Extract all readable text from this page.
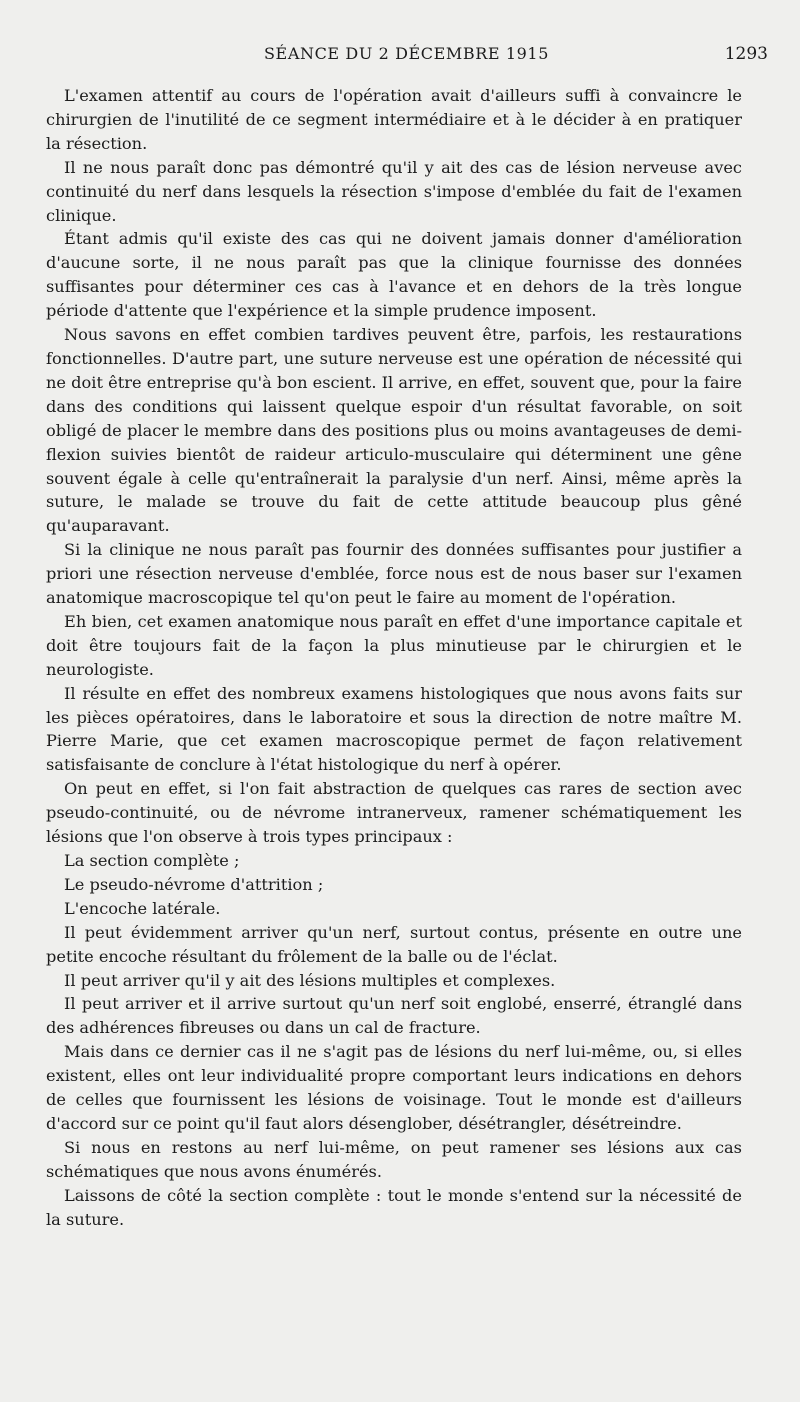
SÉANCE DU 2 DÉCEMBRE 1915	1293

L'examen attentif au cours de l'opération avait d'ailleurs suffi à convaincre le chirurgien de l'inutilité de ce segment intermédiaire et à le décider à en pratiquer la résection.

Il ne nous paraît donc pas démontré qu'il y ait des cas de lésion nerveuse avec continuité du nerf dans lesquels la résection s'impose d'emblée du fait de l'examen clinique.

Étant admis qu'il existe des cas qui ne doivent jamais donner d'amélioration d'aucune sorte, il ne nous paraît pas que la clinique fournisse des données suffisantes pour déterminer ces cas à l'avance et en dehors de la très longue période d'attente que l'expérience et la simple prudence imposent.

Nous savons en effet combien tardives peuvent être, parfois, les restaurations fonctionnelles. D'autre part, une suture nerveuse est une opération de nécessité qui ne doit être entreprise qu'à bon escient. Il arrive, en effet, souvent que, pour la faire dans des conditions qui laissent quelque espoir d'un résultat favorable, on soit obligé de placer le membre dans des positions plus ou moins avantageuses de demi-flexion suivies bientôt de raideur articulo-musculaire qui déterminent une gêne souvent égale à celle qu'entraînerait la paralysie d'un nerf. Ainsi, même après la suture, le malade se trouve du fait de cette attitude beaucoup plus gêné qu'auparavant.

Si la clinique ne nous paraît pas fournir des données suffisantes pour justifier a priori une résection nerveuse d'emblée, force nous est de nous baser sur l'examen anatomique macroscopique tel qu'on peut le faire au moment de l'opération.

Eh bien, cet examen anatomique nous paraît en effet d'une importance capitale et doit être toujours fait de la façon la plus minutieuse par le chirurgien et le neurologiste.

Il résulte en effet des nombreux examens histologiques que nous avons faits sur les pièces opératoires, dans le laboratoire et sous la direction de notre maître M. Pierre Marie, que cet examen macroscopique permet de façon relativement satisfaisante de conclure à l'état histologique du nerf à opérer.

On peut en effet, si l'on fait abstraction de quelques cas rares de section avec pseudo-continuité, ou de névrome intranerveux, ramener schématiquement les lésions que l'on observe à trois types principaux :

La section complète ;

Le pseudo-névrome d'attrition ;

L'encoche latérale.

Il peut évidemment arriver qu'un nerf, surtout contus, présente en outre une petite encoche résultant du frôlement de la balle ou de l'éclat.

Il peut arriver qu'il y ait des lésions multiples et complexes.

Il peut arriver et il arrive surtout qu'un nerf soit englobé, enserré, étranglé dans des adhérences fibreuses ou dans un cal de fracture.

Mais dans ce dernier cas il ne s'agit pas de lésions du nerf lui-même, ou, si elles existent, elles ont leur individualité propre comportant leurs indications en dehors de celles que fournissent les lésions de voisinage. Tout le monde est d'ailleurs d'accord sur ce point qu'il faut alors désenglober, désétrangler, désétreindre.

Si nous en restons au nerf lui-même, on peut ramener ses lésions aux cas schématiques que nous avons énumérés.

Laissons de côté la section complète : tout le monde s'entend sur la nécessité de la suture.
